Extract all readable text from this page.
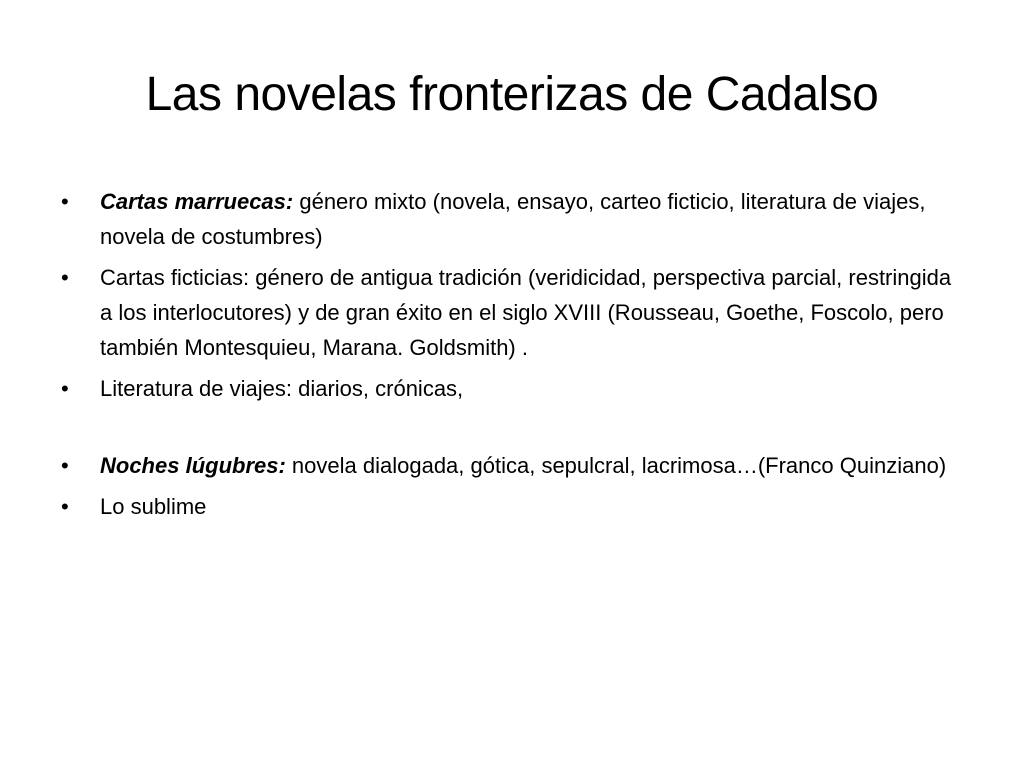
Las novelas fronterizas de Cadalso
•	Cartas marruecas: género mixto (novela, ensayo, carteo ficticio, literatura de viajes, novela de costumbres)
•	Cartas ficticias: género de antigua tradición (veridicidad, perspectiva parcial, restringida a los interlocutores) y de gran éxito en el siglo XVIII (Rousseau, Goethe, Foscolo, pero también Montesquieu, Marana. Goldsmith) .
•	Literatura de viajes: diarios, crónicas,
•	Noches lúgubres: novela dialogada, gótica, sepulcral, lacrimosa…(Franco Quinziano)
•	Lo sublime
